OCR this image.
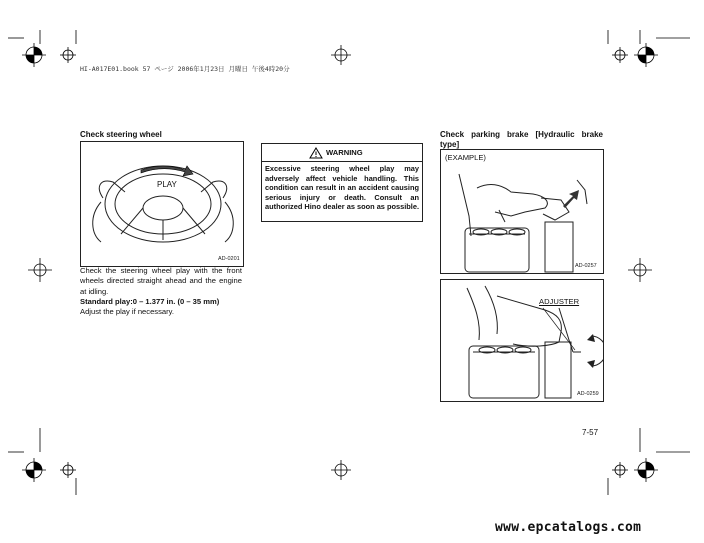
HI-A017E01.book 57 ページ 2006年1月23日 月曜日 午後4時20分
Check steering wheel
PLAY
AD-0201
Check the steering wheel play with the front wheels directed straight ahead and the engine at idling.
Standard play:0 – 1.377 in. (0 – 35 mm)
Adjust the play if necessary.
WARNING
Excessive steering wheel play may adversely affect vehicle handling. This condition can result in an accident causing serious injury or death. Consult an authorized Hino dealer as soon as possible.
Check parking brake [Hydraulic brake type]
(EXAMPLE)
AD-0257
ADJUSTER
AD-0259
7-57
www.epcatalogs.com
